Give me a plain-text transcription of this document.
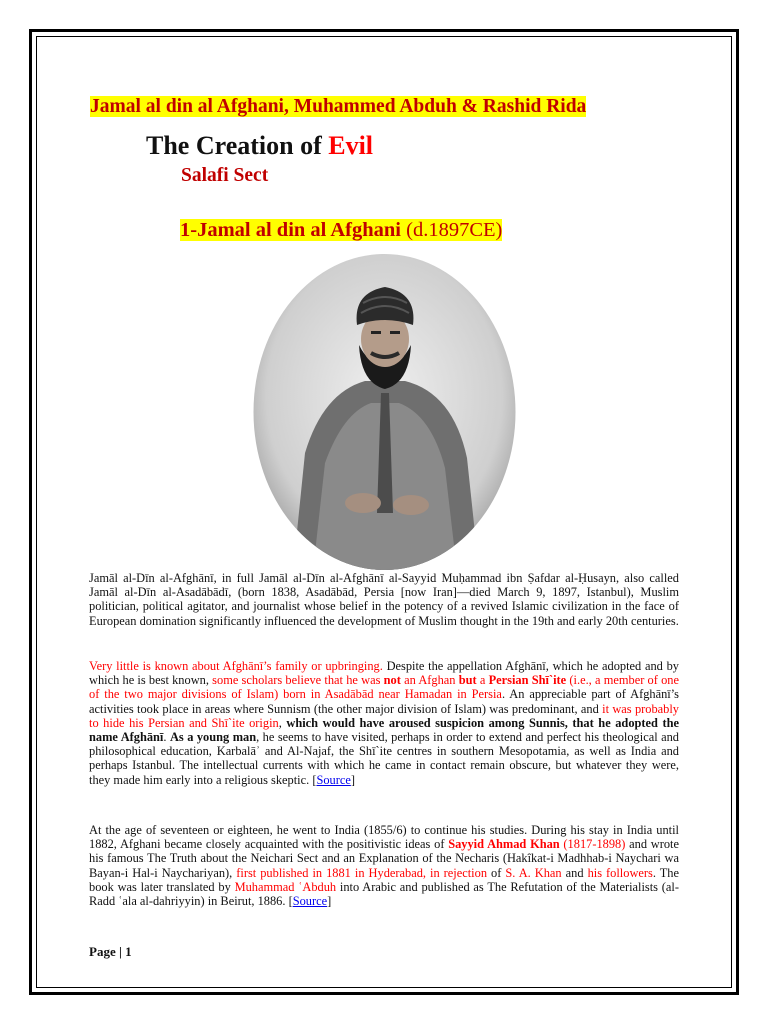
Jamal al din al Afghani, Muhammed Abduh & Rashid Rida
The Creation of Evil
Salafi Sect
1-Jamal al din al Afghani (d.1897CE)
Jamāl al-Dīn al-Afghānī, in full Jamāl al-Dīn al-Afghānī al-Sayyid Muḥammad ibn Ṣafdar al-Ḥusayn, also called Jamāl al-Dīn al-Asadābādī, (born 1838, Asadābād, Persia [now Iran]—died March 9, 1897, Istanbul), Muslim politician, political agitator, and journalist whose belief in the potency of a revived Islamic civilization in the face of European domination significantly influenced the development of Muslim thought in the 19th and early 20th centuries.
Very little is known about Afghānī’s family or upbringing. Despite the appellation Afghānī, which he adopted and by which he is best known, some scholars believe that he was not an Afghan but a Persian Shī`ite (i.e., a member of one of the two major divisions of Islam) born in Asadābād near Hamadan in Persia. An appreciable part of Afghānī’s activities took place in areas where Sunnism (the other major division of Islam) was predominant, and it was probably to hide his Persian and Shī`ite origin, which would have aroused suspicion among Sunnis, that he adopted the name Afghānī. As a young man, he seems to have visited, perhaps in order to extend and perfect his theological and philosophical education, Karbalāʾ and Al-Najaf, the Shī`ite centres in southern Mesopotamia, as well as India and perhaps Istanbul. The intellectual currents with which he came in contact remain obscure, but whatever they were, they made him early into a religious skeptic. [Source]
At the age of seventeen or eighteen, he went to India (1855/6) to continue his studies. During his stay in India until 1882, Afghani became closely acquainted with the positivistic ideas of Sayyid Ahmad Khan (1817-1898) and wrote his famous The Truth about the Neichari Sect and an Explanation of the Necharis (Hakîkat-i Madhhab-i Naychari wa Bayan-i Hal-i Naychariyan), first published in 1881 in Hyderabad, in rejection of S. A. Khan and his followers. The book was later translated by Muhammad ʿAbduh into Arabic and published as The Refutation of the Materialists (al-Radd ʿala al-dahriyyin) in Beirut, 1886. [Source]
Page | 1
